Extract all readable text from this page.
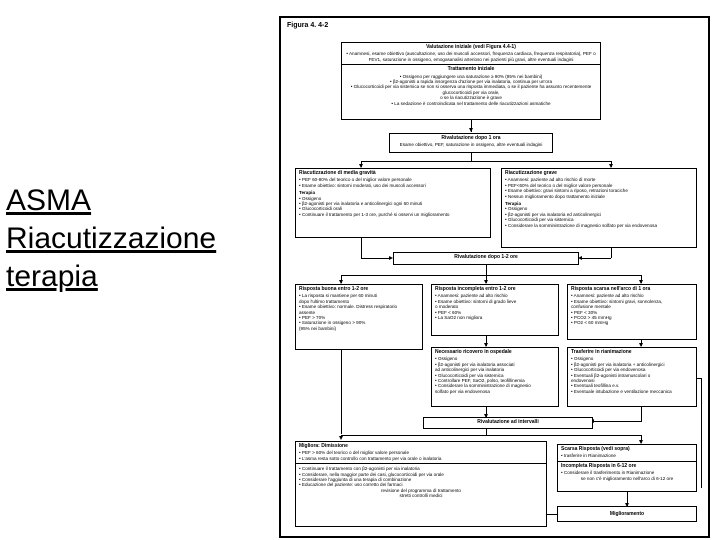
ASMA
Riacutizzazione
terapia
Figura 4. 4-2
Valutazione iniziale (vedi Figura 4.4-1)
• Anamnesi, esame obiettivo (auscultazione, uso dei muscoli accessori, frequenza cardiaca, frequenza respiratoria), PEF o
FEV1, saturazione in ossigeno, emogasanalisi arterioso nei pazienti più gravi, altre eventuali indagini
Trattamento iniziale
• Ossigeno per raggiungere una saturazione ≥ 90% (95% nei bambini)
• β2-agonisti a rapida insorgenza d'azione per via inalatoria, continua per un'ora
• Glucocorticoidi per via sistemica se non si osserva una risposta immediata, o se il paziente ha assunto recentemente glucocorticoidi per via orale,
o se la riacutizzazione è grave
• La sedazione è controindicata nel trattamento delle riacutizzazioni asmatiche
Rivalutazione dopo 1 ora
Esame obiettivo, PEF, saturazione in ossigeno, altre eventuali indagini
Riacutizzazione di media gravità
• PEF 60-80% del teorico o del miglior valore personale
• Esame obiettivo: sintomi moderati, uso dei muscoli accessori
Terapia
• Ossigeno
• β2-agonisti per via inalatoria e anticolinergici ogni 60 minuti
• Glucocorticoidi orali
• Continuare il trattamento per 1-3 ore, purché si osservi un miglioramento
Riacutizzazione grave
• Anamnesi: paziente ad alto rischio di morte
• PEF<60% del teorico o del miglior valore personale
• Esame obiettivo: gravi sintomi a riposo, retrazioni toraciche
• Nessun miglioramento dopo trattamento iniziale
Terapia
• Ossigeno
• β2-agonisti per via inalatoria ed anticolinergici
• Glucocorticoidi per via sistemica
• Considerare la somministrazione di magnesio solfato per via endovenosa
Rivalutazione dopo 1-2 ore
Risposta buona entro 1-2 ore
• La risposta si mantiene per 60 minuti
dopo l'ultimo trattamento
• Esame obiettivo: normale. Distress respiratorio
assente
• PEF > 70%
• Saturazione in ossigeno > 90%
(95% nei bambini)
Risposta incompleta entro 1-2 ore
• Anamnesi: paziente ad alto rischio
• Esame obiettivo: sintomi di grado lieve
o moderato
• PEF < 60%
• La SaO2 non migliora
Risposta scarsa nell'arco di 1 ora
• Anamnesi: paziente ad alto rischio
• Esame obiettivo: sintomi gravi, sonnolenza,
confusione mentale
• PEF < 30%
• PCO2 > 45 mmHg
• PO2 < 60 mmHg
Necessario ricovero in ospedale
• Ossigeno
• β2-agonisti per via inalatoria associati
ad anticolinergici per via inalatoria
• Glucocorticoidi per via sistemica
• Controllare PEF, SaO2, polso, teofillinemia
• Considerare la somministrazione di magnesio
solfato per via endovenosa
Trasferire in rianimazione
• Ossigeno
• β2-agonisti per via inalatoria + anticolinergici
• Glucocorticoidi per via endovenosa
• Eventuali β2-agonisti intramuscolari o
endovenosi
• Eventuali teofillina e.v.
• Eventuale intubazione e ventilazione meccanica
Rivalutazione ad intervalli
Migliora: Dimissione
• PEF > 60% del teorico o del miglior valore personale
• L'asma resta sotto controllo con trattamento per via orale o inalatoria
• Continuare il trattamento con β2-agonisti per via inalatoria
• Considerare, nella maggior parte dei casi, glucocorticoidi per via orale
• Considerare l'aggiunta di una terapia di combinazione
• Educazione del paziente: uso corretto dei farmaci
revisione del programma di trattamento
stretti controlli medici
Scarsa Risposta (vedi sopra)
• trasferire in Rianimazione
Incompleta Risposta in 6-12 ore
• Considerare il trasferimento in Rianimazione
se non c'è miglioramento nell'arco di 6-12 ore
Miglioramento
